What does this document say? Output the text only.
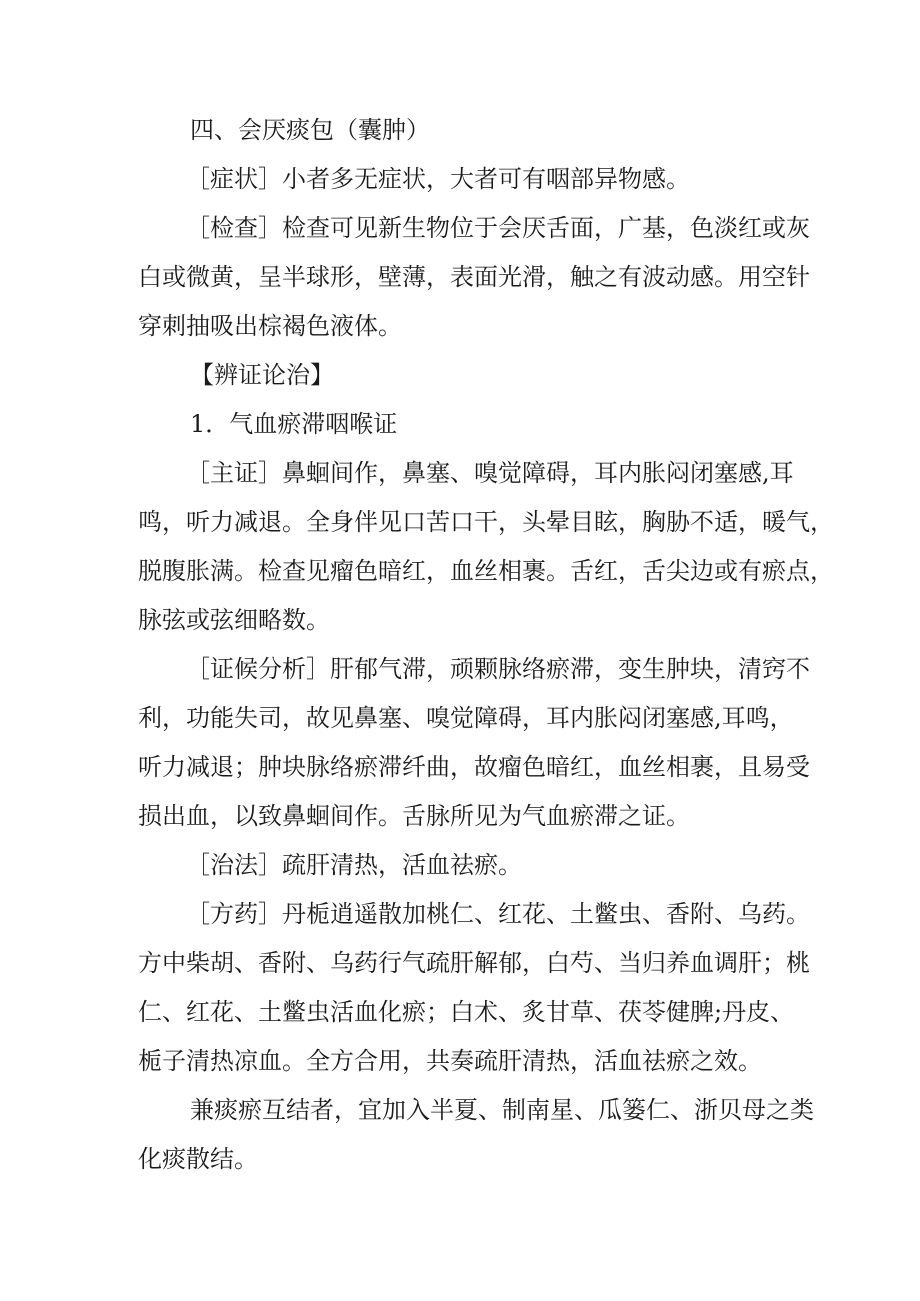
四、会厌痰包（囊肿）
［症状］小者多无症状，大者可有咽部异物感。
［检查］检查可见新生物位于会厌舌面，广基，色淡红或灰
白或微黄，呈半球形，壁薄，表面光滑，触之有波动感。用空针
穿刺抽吸出棕褐色液体。
【辨证论治】
1．气血瘀滞咽喉证
［主证］鼻蛔间作，鼻塞、嗅觉障碍，耳内胀闷闭塞感,耳
鸣，听力减退。全身伴见口苦口干，头晕目眩，胸胁不适，暖气，
脱腹胀满。检查见瘤色暗红，血丝相裹。舌红，舌尖边或有瘀点，
脉弦或弦细略数。
［证候分析］肝郁气滞，顽颗脉络瘀滞，变生肿块，清窍不
利，功能失司，故见鼻塞、嗅觉障碍，耳内胀闷闭塞感,耳鸣，
听力减退；肿块脉络瘀滞纤曲，故瘤色暗红，血丝相裹，且易受
损出血，以致鼻蛔间作。舌脉所见为气血瘀滞之证。
［治法］疏肝清热，活血祛瘀。
［方药］丹栀逍遥散加桃仁、红花、土鳖虫、香附、乌药。
方中柴胡、香附、乌药行气疏肝解郁，白芍、当归养血调肝；桃
仁、红花、土鳖虫活血化瘀；白术、炙甘草、茯苓健脾;丹皮、
栀子清热凉血。全方合用，共奏疏肝清热，活血祛瘀之效。
兼痰瘀互结者，宜加入半夏、制南星、瓜篓仁、浙贝母之类
化痰散结。
